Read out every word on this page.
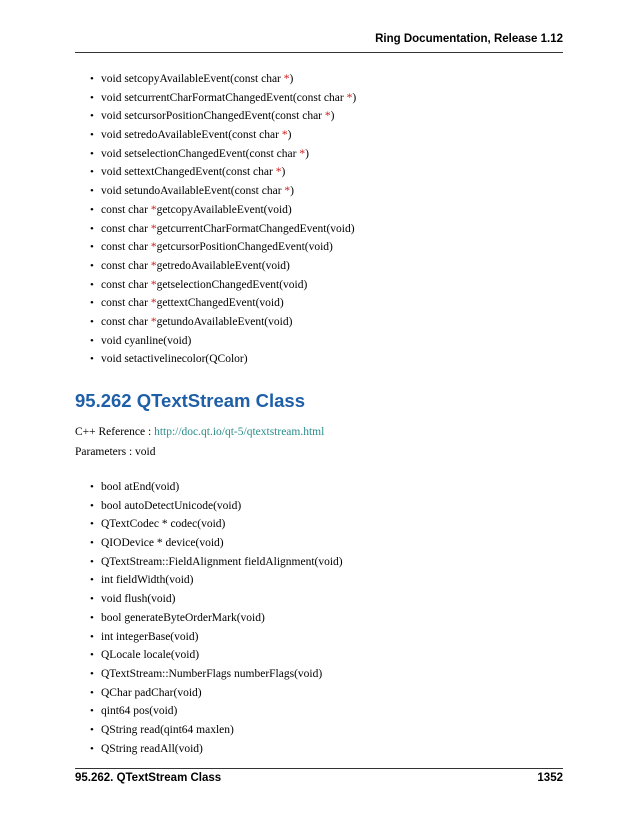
Ring Documentation, Release 1.12
• void setcopyAvailableEvent(const char *)
• void setcurrentCharFormatChangedEvent(const char *)
• void setcursorPositionChangedEvent(const char *)
• void setredoAvailableEvent(const char *)
• void setselectionChangedEvent(const char *)
• void settextChangedEvent(const char *)
• void setundoAvailableEvent(const char *)
• const char *getcopyAvailableEvent(void)
• const char *getcurrentCharFormatChangedEvent(void)
• const char *getcursorPositionChangedEvent(void)
• const char *getredoAvailableEvent(void)
• const char *getselectionChangedEvent(void)
• const char *gettextChangedEvent(void)
• const char *getundoAvailableEvent(void)
• void cyanline(void)
• void setactivelinecolor(QColor)
95.262 QTextStream Class
C++ Reference : http://doc.qt.io/qt-5/qtextstream.html
Parameters : void
• bool atEnd(void)
• bool autoDetectUnicode(void)
• QTextCodec * codec(void)
• QIODevice * device(void)
• QTextStream::FieldAlignment fieldAlignment(void)
• int fieldWidth(void)
• void flush(void)
• bool generateByteOrderMark(void)
• int integerBase(void)
• QLocale locale(void)
• QTextStream::NumberFlags numberFlags(void)
• QChar padChar(void)
• qint64 pos(void)
• QString read(qint64 maxlen)
• QString readAll(void)
95.262. QTextStream Class	1352
